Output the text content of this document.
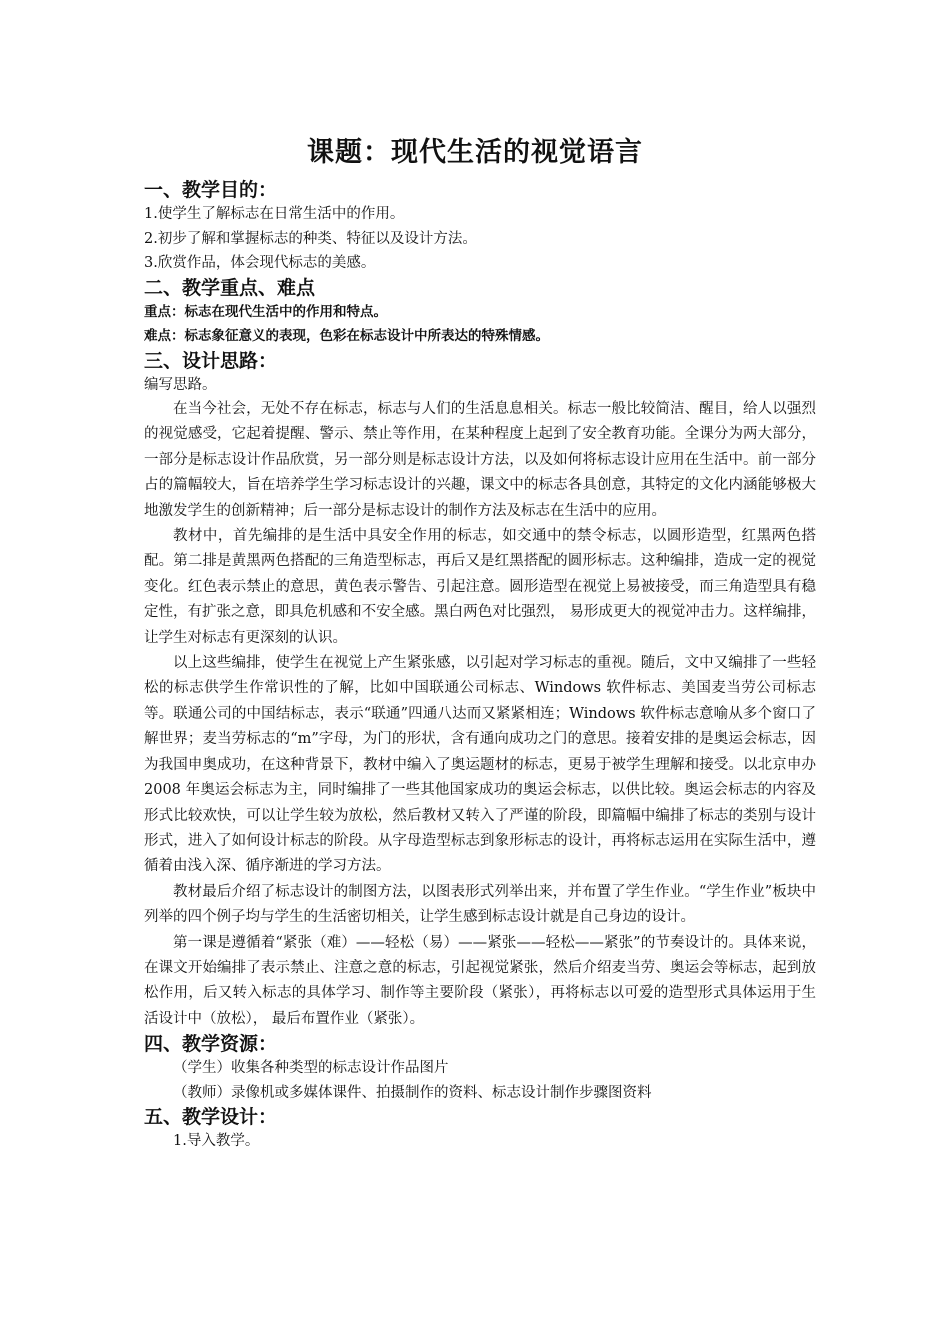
课题：现代生活的视觉语言

一、教学目的：

1.使学生了解标志在日常生活中的作用。

2.初步了解和掌握标志的种类、特征以及设计方法。

3.欣赏作品，体会现代标志的美感。

二、教学重点、难点

重点：标志在现代生活中的作用和特点。

难点：标志象征意义的表现，色彩在标志设计中所表达的特殊情感。

三、设计思路：

编写思路。

在当今社会，无处不存在标志，标志与人们的生活息息相关。标志一般比较简洁、醒目，给人以强烈的视觉感受，它起着提醒、警示、禁止等作用，在某种程度上起到了安全教育功能。全课分为两大部分，一部分是标志设计作品欣赏，另一部分则是标志设计方法，以及如何将标志设计应用在生活中。前一部分占的篇幅较大，旨在培养学生学习标志设计的兴趣，课文中的标志各具创意，其特定的文化内涵能够极大地激发学生的创新精神；后一部分是标志设计的制作方法及标志在生活中的应用。

教材中，首先编排的是生活中具安全作用的标志，如交通中的禁令标志，以圆形造型，红黑两色搭配。第二排是黄黑两色搭配的三角造型标志，再后又是红黑搭配的圆形标志。这种编排，造成一定的视觉变化。红色表示禁止的意思，黄色表示警告、引起注意。圆形造型在视觉上易被接受，而三角造型具有稳定性，有扩张之意，即具危机感和不安全感。黑白两色对比强烈， 易形成更大的视觉冲击力。这样编排，让学生对标志有更深刻的认识。

以上这些编排，使学生在视觉上产生紧张感，以引起对学习标志的重视。随后，文中又编排了一些轻松的标志供学生作常识性的了解，比如中国联通公司标志、Windows 软件标志、美国麦当劳公司标志等。联通公司的中国结标志，表示“联通”四通八达而又紧紧相连；Windows 软件标志意喻从多个窗口了解世界；麦当劳标志的“m”字母，为门的形状，含有通向成功之门的意思。接着安排的是奥运会标志，因为我国申奥成功，在这种背景下，教材中编入了奥运题材的标志，更易于被学生理解和接受。以北京申办 2008 年奥运会标志为主，同时编排了一些其他国家成功的奥运会标志，以供比较。奥运会标志的内容及形式比较欢快，可以让学生较为放松，然后教材又转入了严谨的阶段，即篇幅中编排了标志的类别与设计形式，进入了如何设计标志的阶段。从字母造型标志到象形标志的设计，再将标志运用在实际生活中，遵循着由浅入深、循序渐进的学习方法。

教材最后介绍了标志设计的制图方法，以图表形式列举出来，并布置了学生作业。“学生作业”板块中列举的四个例子均与学生的生活密切相关，让学生感到标志设计就是自己身边的设计。

第一课是遵循着“紧张（难）——轻松（易）——紧张——轻松——紧张”的节奏设计的。具体来说，在课文开始编排了表示禁止、注意之意的标志，引起视觉紧张，然后介绍麦当劳、奥运会等标志，起到放松作用，后又转入标志的具体学习、制作等主要阶段（紧张），再将标志以可爱的造型形式具体运用于生活设计中（放松）， 最后布置作业（紧张）。

四、教学资源：

（学生）收集各种类型的标志设计作品图片

（教师）录像机或多媒体课件、拍摄制作的资料、标志设计制作步骤图资料

五、教学设计：

1.导入教学。
